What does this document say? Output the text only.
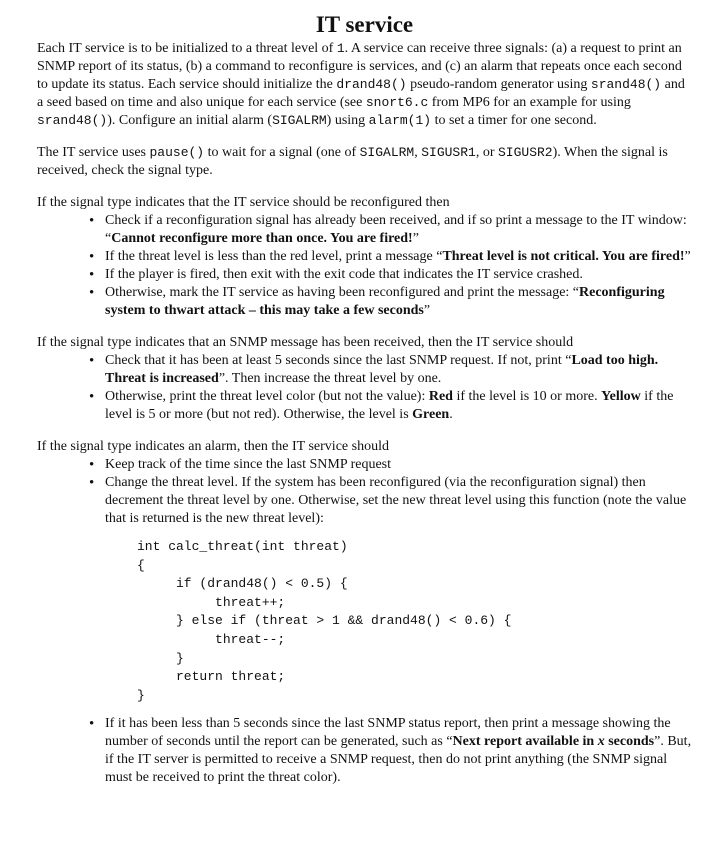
IT service

Each IT service is to be initialized to a threat level of 1. A service can receive three signals: (a) a request to print an SNMP report of its status, (b) a command to reconfigure is services, and (c) an alarm that repeats once each second to update its status. Each service should initialize the drand48() pseudo-random generator using srand48() and a seed based on time and also unique for each service (see snort6.c from MP6 for an example for using srand48()). Configure an initial alarm (SIGALRM) using alarm(1) to set a timer for one second.

The IT service uses pause() to wait for a signal (one of SIGALRM, SIGUSR1, or SIGUSR2). When the signal is received, check the signal type.

If the signal type indicates that the IT service should be reconfigured then

• Check if a reconfiguration signal has already been received, and if so print a message to the IT window: “Cannot reconfigure more than once. You are fired!”
• If the threat level is less than the red level, print a message “Threat level is not critical. You are fired!”
• If the player is fired, then exit with the exit code that indicates the IT service crashed.
• Otherwise, mark the IT service as having been reconfigured and print the message: “Reconfiguring system to thwart attack – this may take a few seconds”

If the signal type indicates that an SNMP message has been received, then the IT service should

• Check that it has been at least 5 seconds since the last SNMP request. If not, print “Load too high. Threat is increased”. Then increase the threat level by one.
• Otherwise, print the threat level color (but not the value): Red if the level is 10 or more. Yellow if the level is 5 or more (but not red). Otherwise, the level is Green.

If the signal type indicates an alarm, then the IT service should

• Keep track of the time since the last SNMP request
• Change the threat level. If the system has been reconfigured (via the reconfiguration signal) then decrement the threat level by one. Otherwise, set the new threat level using this function (note the value that is returned is the new threat level):
int calc_threat(int threat)
{
if (drand48() < 0.5) {
threat++;
} else if (threat > 1 && drand48() < 0.6) {
threat--;
}
return threat;
}
• If it has been less than 5 seconds since the last SNMP status report, then print a message showing the number of seconds until the report can be generated, such as “Next report available in x seconds”. But, if the IT server is permitted to receive a SNMP request, then do not print anything (the SNMP signal must be received to print the threat color).
